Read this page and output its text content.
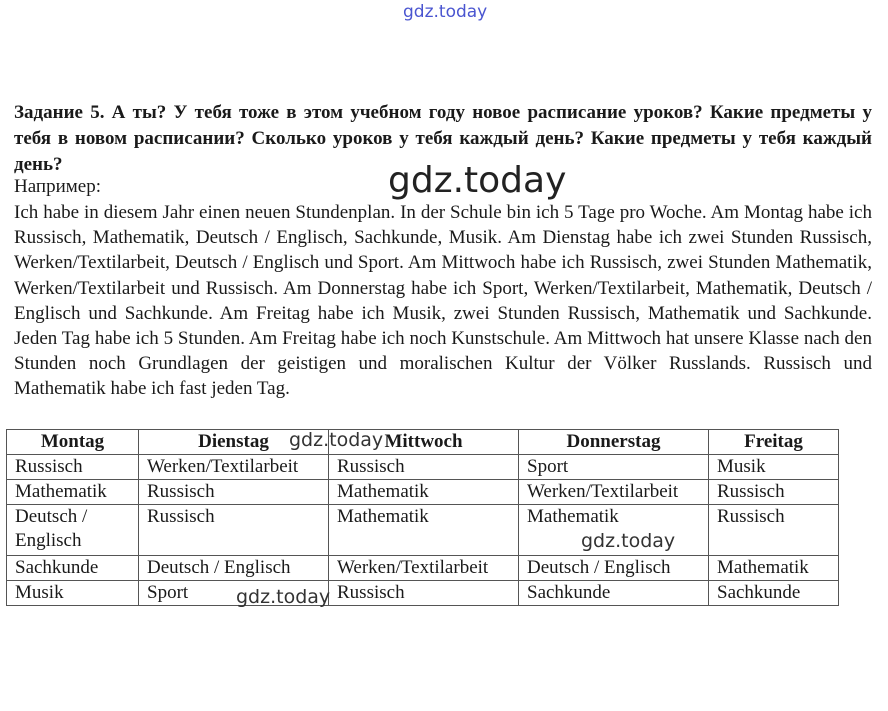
gdz.today

Задание 5. А ты? У тебя тоже в этом учебном году новое расписание уроков? Какие предметы у тебя в новом расписании? Сколько уроков у тебя каждый день? Какие предметы у тебя каждый день?

Например:

Ich habe in diesem Jahr einen neuen Stundenplan. In der Schule bin ich 5 Tage pro Woche. Am Montag habe ich Russisch, Mathematik, Deutsch / Englisch, Sachkunde, Musik. Am Dienstag habe ich zwei Stunden Russisch, Werken/Textilarbeit, Deutsch / Englisch und Sport. Am Mittwoch habe ich Russisch, zwei Stunden Mathematik, Werken/Textilarbeit und Russisch. Am Donnerstag habe ich Sport, Werken/Textilarbeit, Mathematik, Deutsch / Englisch und Sachkunde. Am Freitag habe ich Musik, zwei Stunden Russisch, Mathematik und Sachkunde. Jeden Tag habe ich 5 Stunden. Am Freitag habe ich noch Kunstschule. Am Mittwoch hat unsere Klasse nach den Stunden noch Grundlagen der geistigen und moralischen Kultur der Völker Russlands. Russisch und Mathematik habe ich fast jeden Tag.

gdz.today
Montag	Dienstag	Mittwoch	Donnerstag	Freitag
Russisch	Werken/Textilarbeit	Russisch	Sport	Musik
Mathematik	Russisch	Mathematik	Werken/Textilarbeit	Russisch
Deutsch / Englisch	Russisch	Mathematik	Mathematik	Russisch
Sachkunde	Deutsch / Englisch	Werken/Textilarbeit	Deutsch / Englisch	Mathematik
Musik	Sport	Russisch	Sachkunde	Sachkunde
gdz.today
gdz.today
gdz.today
